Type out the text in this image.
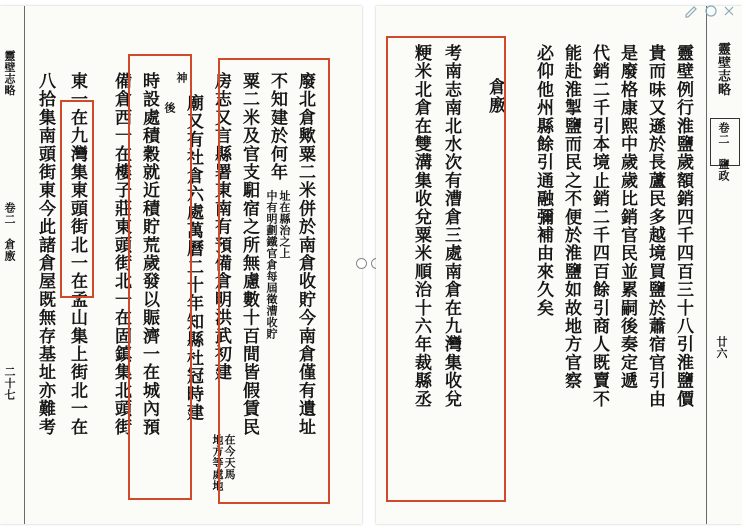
靈壁志略
卷二 倉廒
二十七	廢北倉歟粟二米併於南倉收貯今南倉僅有遺址
不知建於何年
址在縣治之上
中有明劃鐵官倉每屆徵漕收貯
粟二米及官支馹宿之所無慮數十百間皆假賃民
房志又言縣署東南有預備倉明洪武初建
在今天馬
地方等處地
神
後 廟又有社倉六處萬曆二十年知縣杜冠時建
時設處積穀就近積貯荒歲發以賑濟一在城內預
備倉西一在樓子莊東頭街北一在固鎮集北頭街
東一在九灣集東頭街北一在孟山集上街北一在
八拾集南頭街東今此諸倉屋既無存基址亦難考
靈壁志略
卷二 鹽政
廿六
靈壁例行淮鹽歲額銷四千四百三十八引淮鹽價
貴而味又遜於長蘆民多越境買鹽於蕭宿官引由
是廢格康熙中歲歲比銷官民並累嗣後奏定遞
代銷二千引本境止銷二千四百餘引商人既賣不
能赴淮掣鹽而民之不便於淮鹽如故地方官察
必仰他州縣餘引通融彌補由來久矣
倉廒
考南志南北水次有漕倉三處南倉在九灣集收兌
粳米北倉在雙溝集收兌粟米順治十六年裁縣丞
